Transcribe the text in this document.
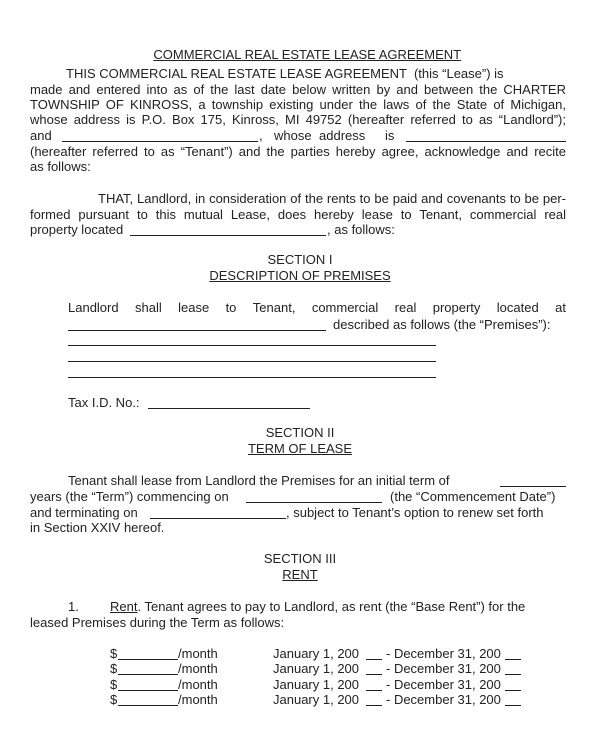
COMMERCIAL REAL ESTATE LEASE AGREEMENT

THIS COMMERCIAL REAL ESTATE LEASE AGREEMENT (this “Lease”) is
made and entered into as of the last date below written by and between the CHARTER
TOWNSHIP OF KINROSS, a township existing under the laws of the State of Michigan,
whose address is P.O. Box 175, Kinross, MI 49752 (hereafter referred to as “Landlord”);
and	, whose address is
(hereafter referred to as “Tenant”) and the parties hereby agree, acknowledge and recite
as follows:
THAT, Landlord, in consideration of the rents to be paid and covenants to be per-
formed pursuant to this mutual Lease, does hereby lease to Tenant, commercial real
property located	, as follows:
SECTION I
DESCRIPTION OF PREMISES
Landlord shall lease to Tenant, commercial real property located at
described as follows (the “Premises”):
Tax I.D. No.:
SECTION II
TERM OF LEASE
Tenant shall lease from Landlord the Premises for an initial term of
years (the “Term”) commencing on	(the “Commencement Date”)
and terminating on	, subject to Tenant’s option to renew set forth
in Section XXIV hereof.
SECTION III
RENT
1. Rent. Tenant agrees to pay to Landlord, as rent (the “Base Rent”) for the
leased Premises during the Term as follows:
$	/month	January 1, 200 - December 31, 200
$	/month	January 1, 200 - December 31, 200
$	/month	January 1, 200 - December 31, 200
$	/month	January 1, 200 - December 31, 200
